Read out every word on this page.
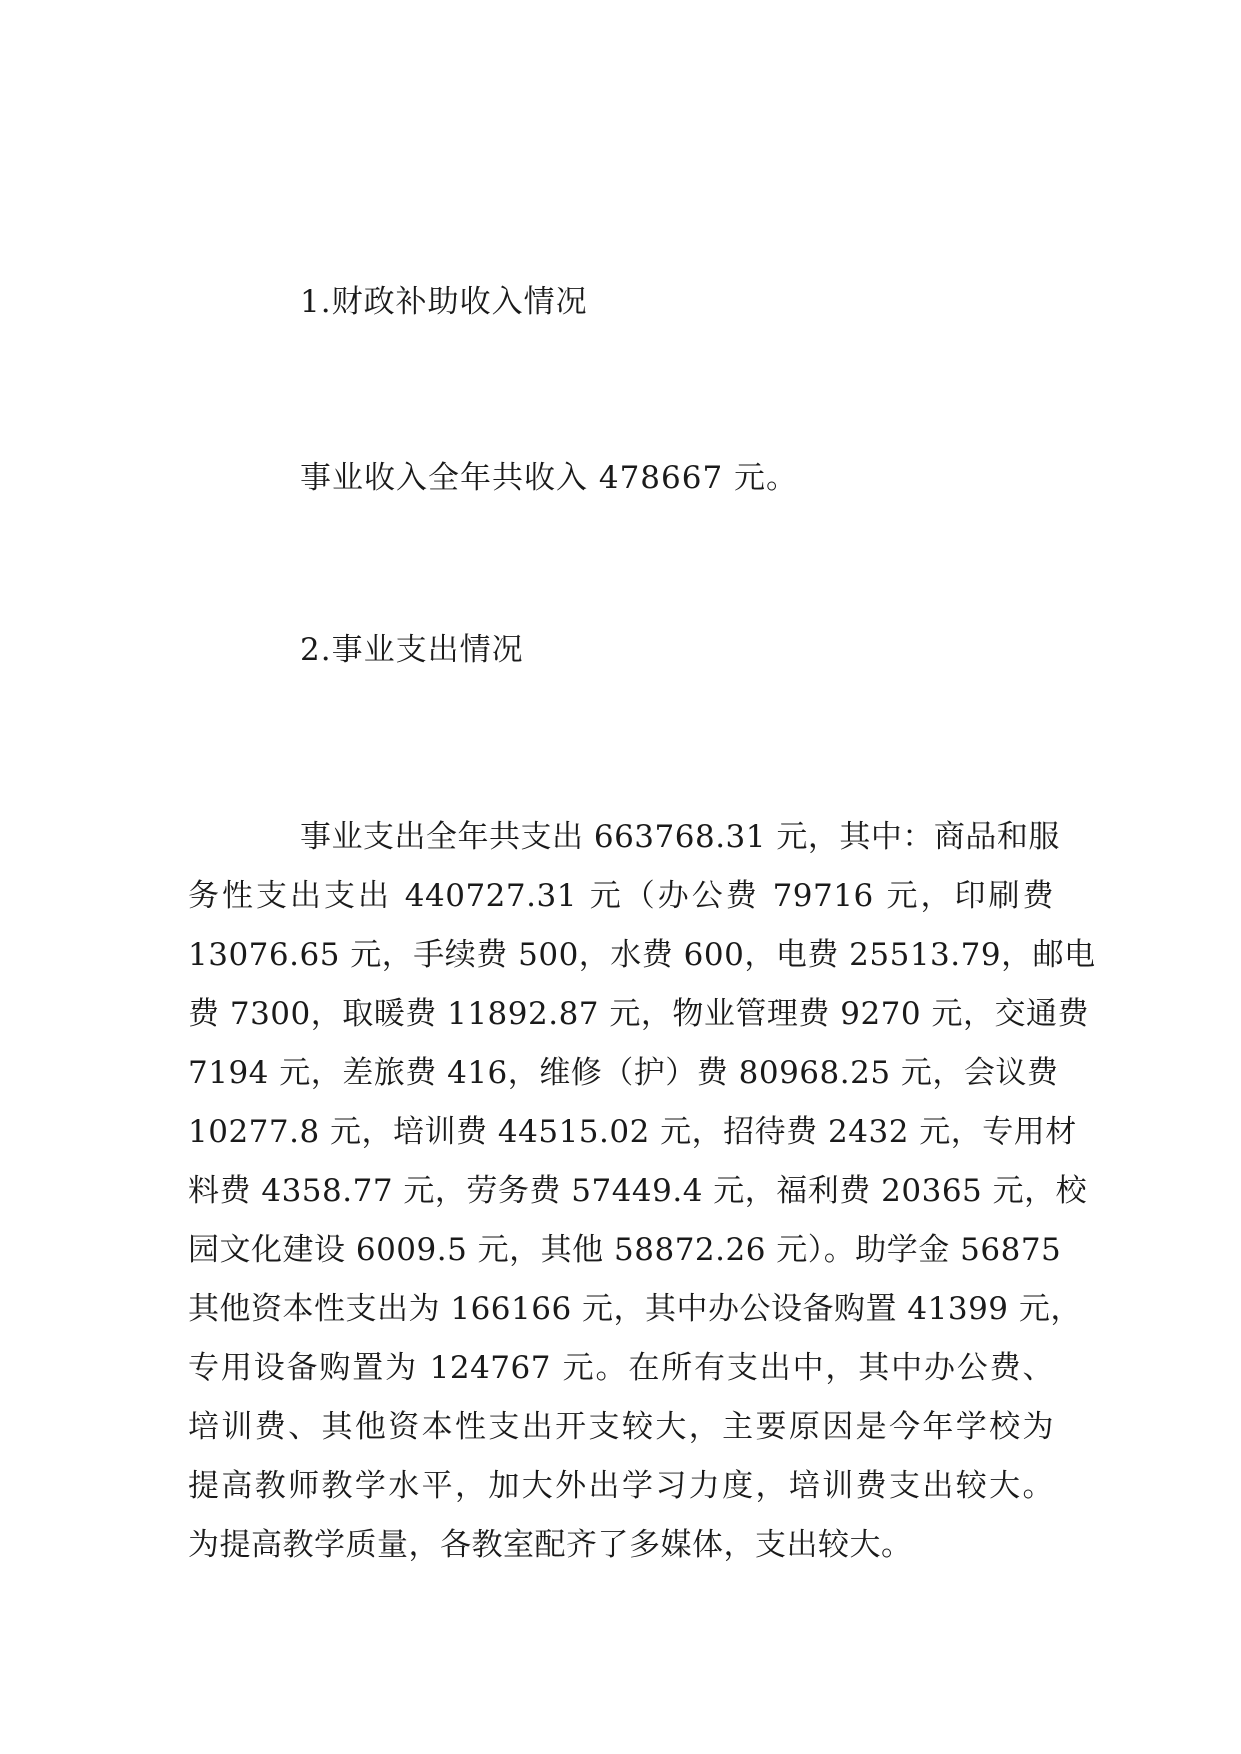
1.财政补助收入情况
事业收入全年共收入 478667 元。
2.事业支出情况
事业支出全年共支出 663768.31 元，其中：商品和服
务性支出支出 440727.31 元（办公费 79716 元，印刷费
13076.65 元，手续费 500，水费 600，电费 25513.79，邮电
费 7300，取暖费 11892.87 元，物业管理费 9270 元，交通费
7194 元，差旅费 416，维修（护）费 80968.25 元，会议费
10277.8 元，培训费 44515.02 元，招待费 2432 元，专用材
料费 4358.77 元，劳务费 57449.4 元，福利费 20365 元，校
园文化建设 6009.5 元，其他 58872.26 元）。助学金 56875
其他资本性支出为 166166 元，其中办公设备购置 41399 元，
专用设备购置为 124767 元。在所有支出中，其中办公费、
培训费、其他资本性支出开支较大，主要原因是今年学校为
提高教师教学水平，加大外出学习力度，培训费支出较大。
为提高教学质量，各教室配齐了多媒体，支出较大。
